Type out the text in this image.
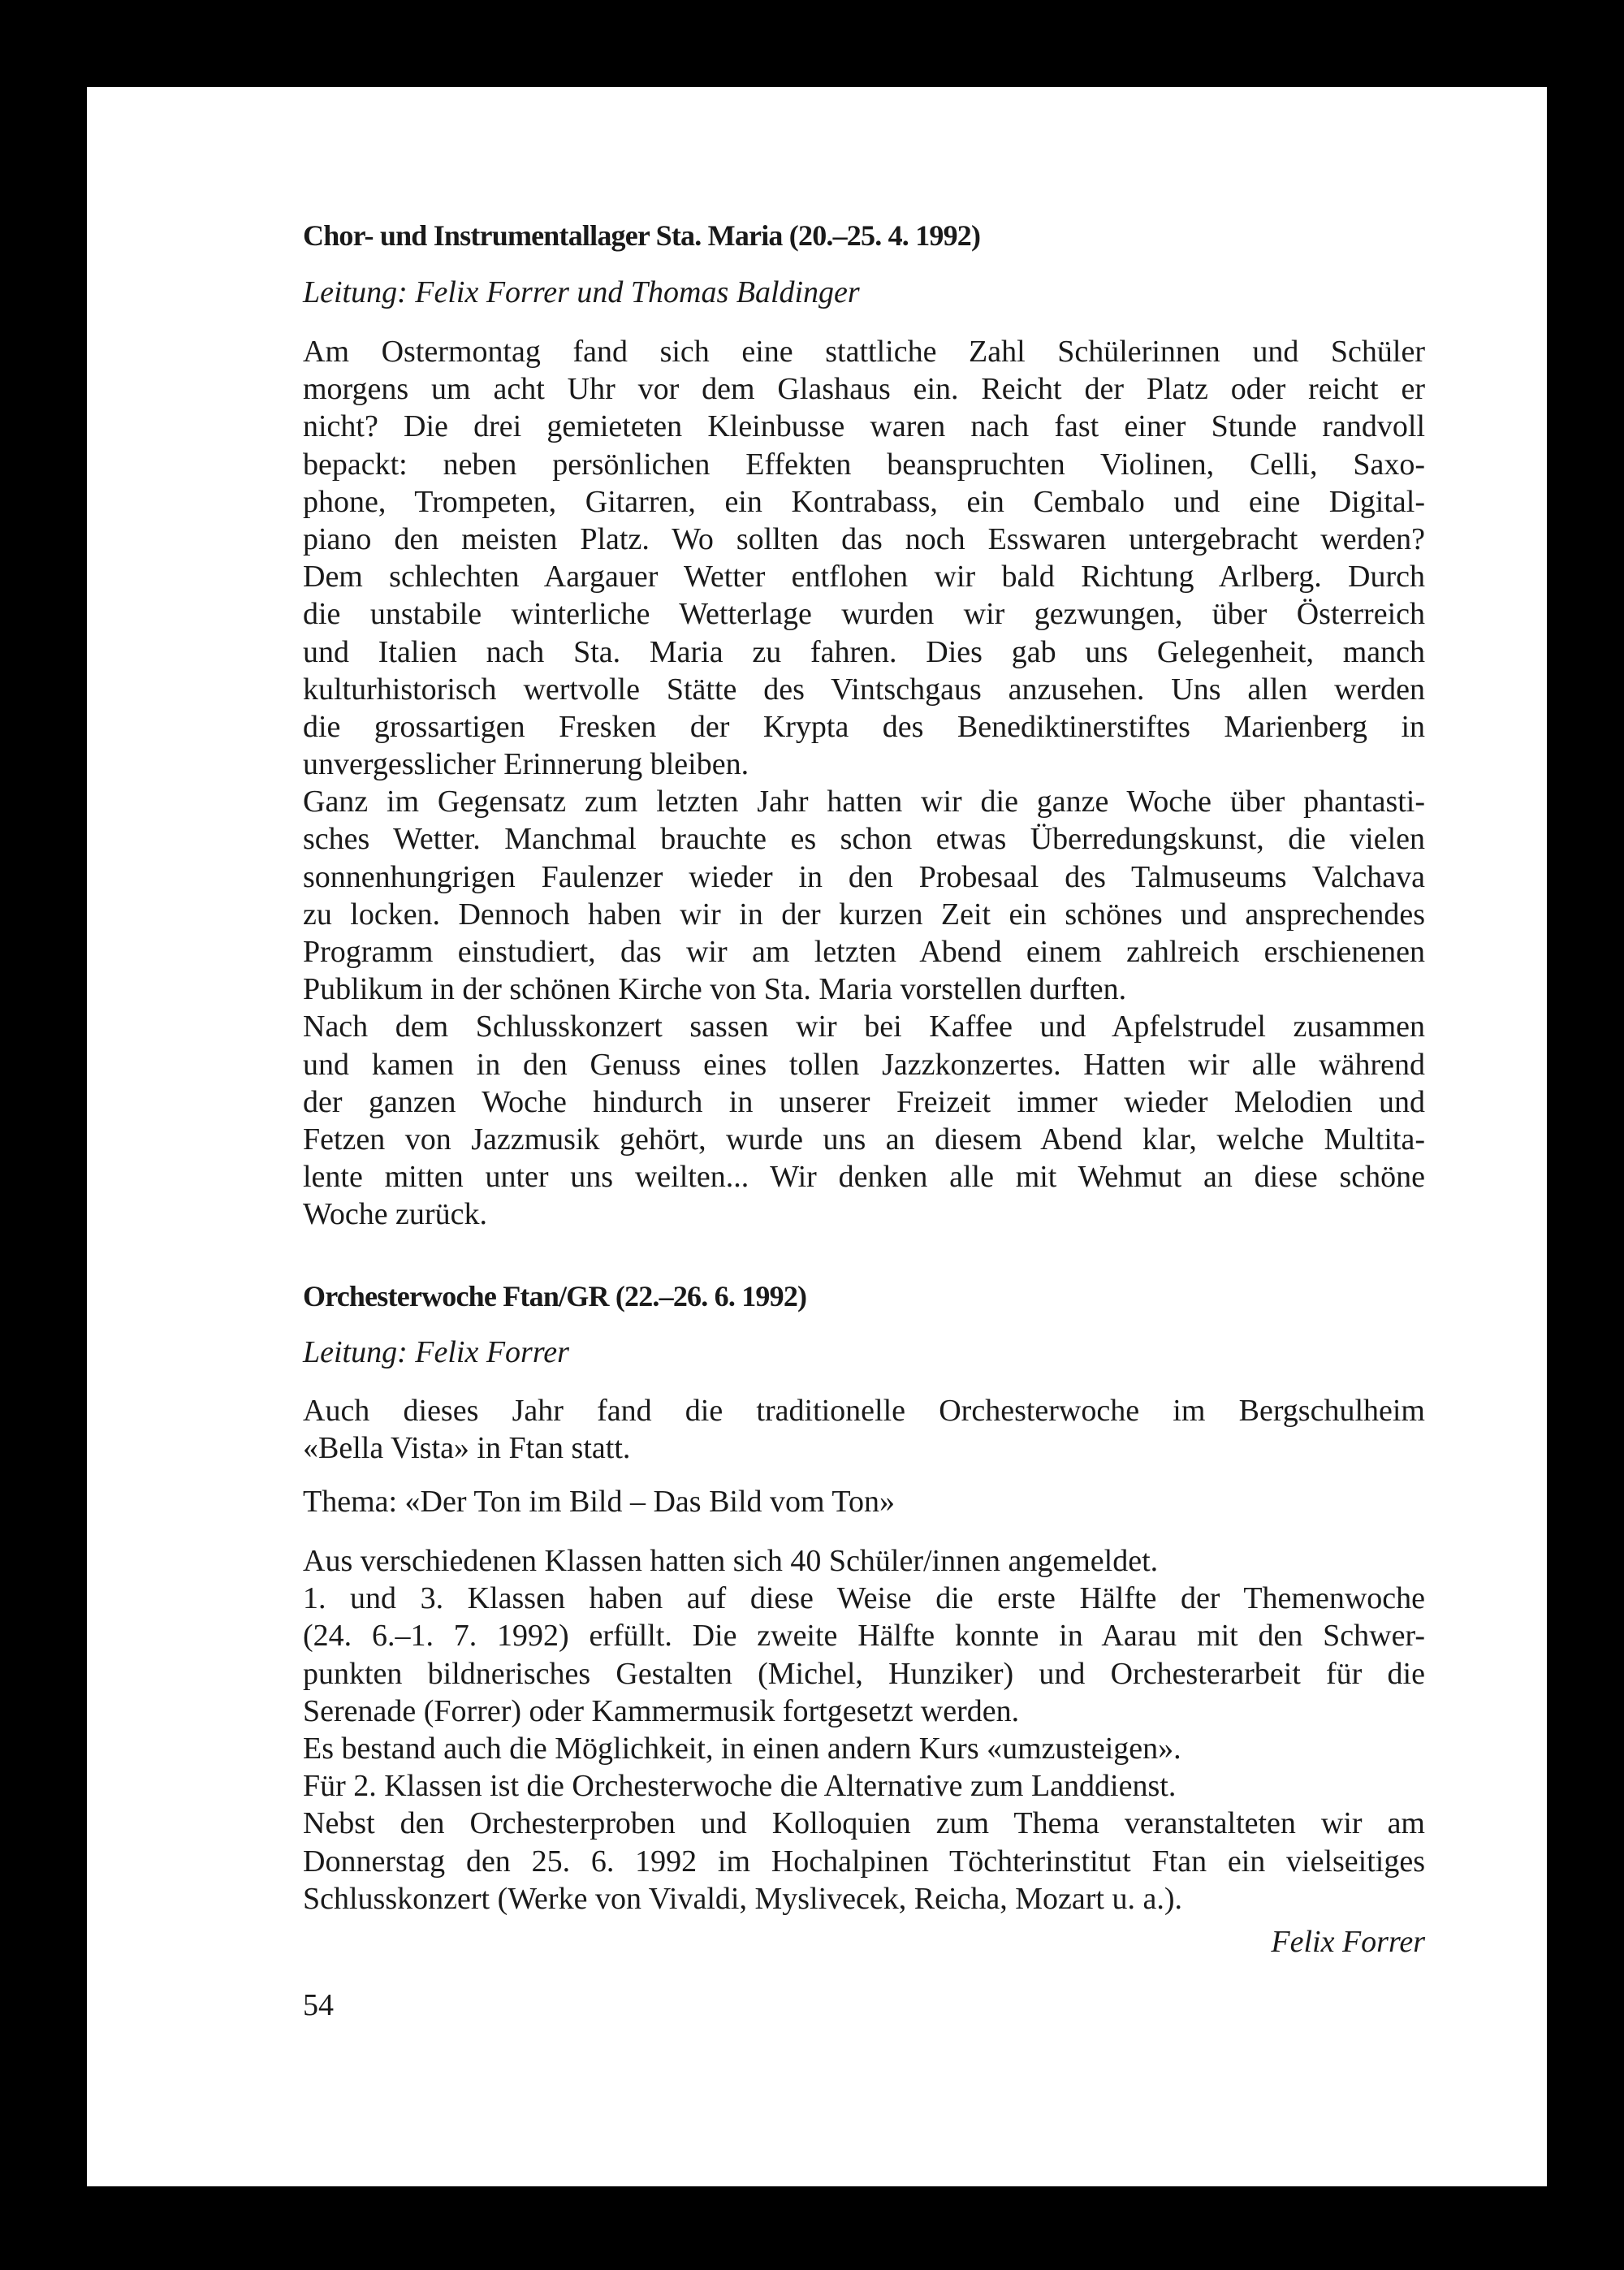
Chor- und Instrumentallager Sta. Maria (20.–25. 4. 1992)
Leitung: Felix Forrer und Thomas Baldinger
Am Ostermontag fand sich eine stattliche Zahl Schülerinnen und Schüler
morgens um acht Uhr vor dem Glashaus ein. Reicht der Platz oder reicht er
nicht? Die drei gemieteten Kleinbusse waren nach fast einer Stunde randvoll
bepackt: neben persönlichen Effekten beanspruchten Violinen, Celli, Saxo-
phone, Trompeten, Gitarren, ein Kontrabass, ein Cembalo und eine Digital-
piano den meisten Platz. Wo sollten das noch Esswaren untergebracht werden?
Dem schlechten Aargauer Wetter entflohen wir bald Richtung Arlberg. Durch
die unstabile winterliche Wetterlage wurden wir gezwungen, über Österreich
und Italien nach Sta. Maria zu fahren. Dies gab uns Gelegenheit, manch
kulturhistorisch wertvolle Stätte des Vintschgaus anzusehen. Uns allen werden
die grossartigen Fresken der Krypta des Benediktinerstiftes Marienberg in
unvergesslicher Erinnerung bleiben.
Ganz im Gegensatz zum letzten Jahr hatten wir die ganze Woche über phantasti-
sches Wetter. Manchmal brauchte es schon etwas Überredungskunst, die vielen
sonnenhungrigen Faulenzer wieder in den Probesaal des Talmuseums Valchava
zu locken. Dennoch haben wir in der kurzen Zeit ein schönes und ansprechendes
Programm einstudiert, das wir am letzten Abend einem zahlreich erschienenen
Publikum in der schönen Kirche von Sta. Maria vorstellen durften.
Nach dem Schlusskonzert sassen wir bei Kaffee und Apfelstrudel zusammen
und kamen in den Genuss eines tollen Jazzkonzertes. Hatten wir alle während
der ganzen Woche hindurch in unserer Freizeit immer wieder Melodien und
Fetzen von Jazzmusik gehört, wurde uns an diesem Abend klar, welche Multita-
lente mitten unter uns weilten... Wir denken alle mit Wehmut an diese schöne
Woche zurück.
Orchesterwoche Ftan/GR (22.–26. 6. 1992)
Leitung: Felix Forrer
Auch dieses Jahr fand die traditionelle Orchesterwoche im Bergschulheim
«Bella Vista» in Ftan statt.
Thema: «Der Ton im Bild – Das Bild vom Ton»
Aus verschiedenen Klassen hatten sich 40 Schüler/innen angemeldet.
1. und 3. Klassen haben auf diese Weise die erste Hälfte der Themenwoche
(24. 6.–1. 7. 1992) erfüllt. Die zweite Hälfte konnte in Aarau mit den Schwer-
punkten bildnerisches Gestalten (Michel, Hunziker) und Orchesterarbeit für die
Serenade (Forrer) oder Kammermusik fortgesetzt werden.
Es bestand auch die Möglichkeit, in einen andern Kurs «umzusteigen».
Für 2. Klassen ist die Orchesterwoche die Alternative zum Landdienst.
Nebst den Orchesterproben und Kolloquien zum Thema veranstalteten wir am
Donnerstag den 25. 6. 1992 im Hochalpinen Töchterinstitut Ftan ein vielseitiges
Schlusskonzert (Werke von Vivaldi, Myslivecek, Reicha, Mozart u. a.).
Felix Forrer
54
